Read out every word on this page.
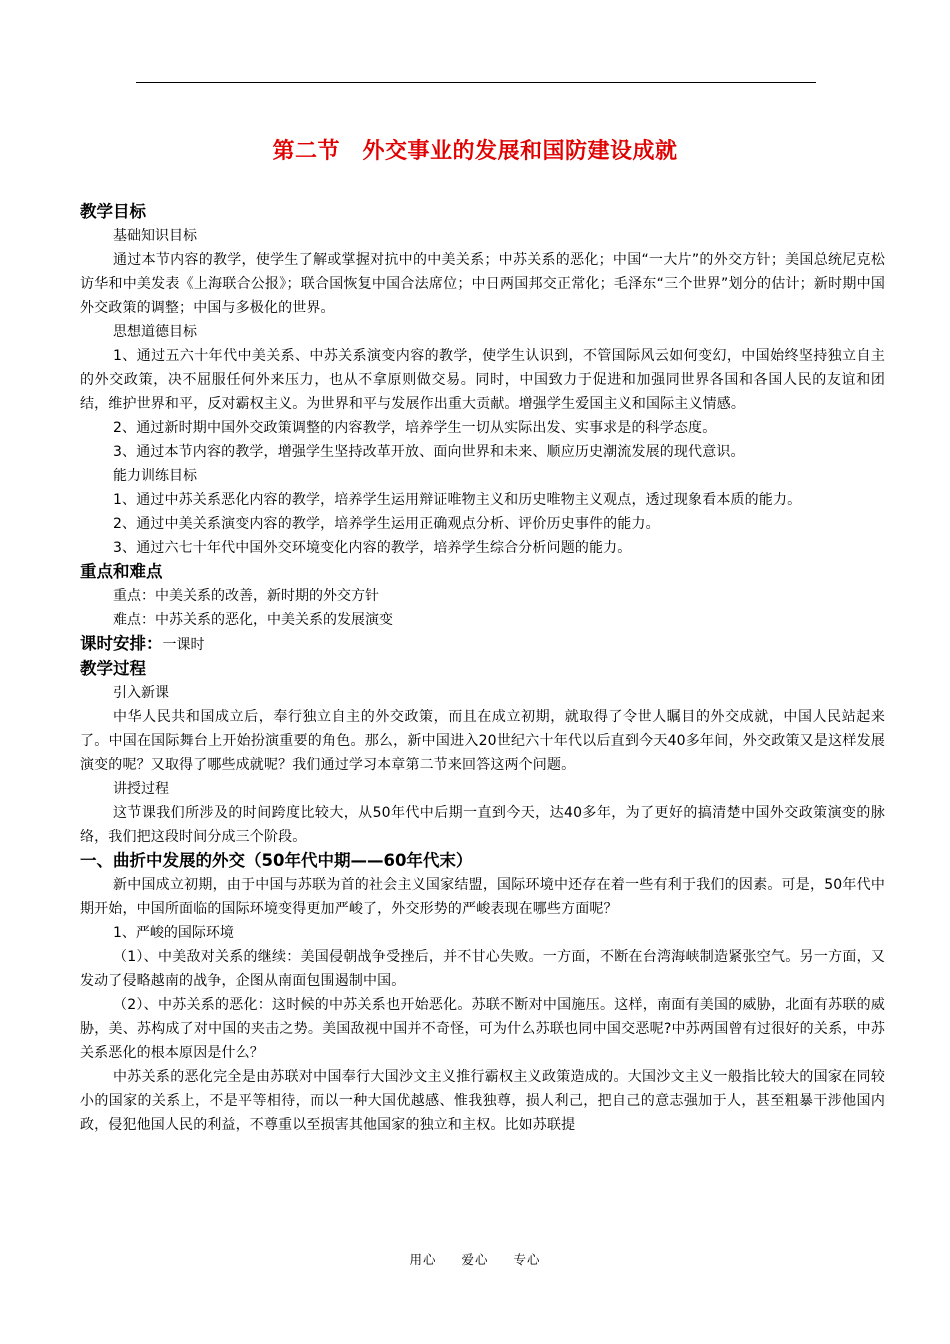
第二节　外交事业的发展和国防建设成就
教学目标
基础知识目标
通过本节内容的教学，使学生了解或掌握对抗中的中美关系；中苏关系的恶化；中国“一大片”的外交方针；美国总统尼克松访华和中美发表《上海联合公报》；联合国恢复中国合法席位；中日两国邦交正常化；毛泽东“三个世界”划分的估计；新时期中国外交政策的调整；中国与多极化的世界。
思想道德目标
1、通过五六十年代中美关系、中苏关系演变内容的教学，使学生认识到，不管国际风云如何变幻，中国始终坚持独立自主的外交政策，决不屈服任何外来压力，也从不拿原则做交易。同时，中国致力于促进和加强同世界各国和各国人民的友谊和团结，维护世界和平，反对霸权主义。为世界和平与发展作出重大贡献。增强学生爱国主义和国际主义情感。
2、通过新时期中国外交政策调整的内容教学，培养学生一切从实际出发、实事求是的科学态度。
3、通过本节内容的教学，增强学生坚持改革开放、面向世界和未来、顺应历史潮流发展的现代意识。
能力训练目标
1、通过中苏关系恶化内容的教学，培养学生运用辩证唯物主义和历史唯物主义观点，透过现象看本质的能力。
2、通过中美关系演变内容的教学，培养学生运用正确观点分析、评价历史事件的能力。
3、通过六七十年代中国外交环境变化内容的教学，培养学生综合分析问题的能力。
重点和难点
重点：中美关系的改善，新时期的外交方针
难点：中苏关系的恶化，中美关系的发展演变
课时安排：一课时
教学过程
引入新课
中华人民共和国成立后，奉行独立自主的外交政策，而且在成立初期，就取得了令世人瞩目的外交成就，中国人民站起来了。中国在国际舞台上开始扮演重要的角色。那么，新中国进入20世纪六十年代以后直到今天40多年间，外交政策又是这样发展演变的呢？又取得了哪些成就呢？我们通过学习本章第二节来回答这两个问题。
讲授过程
这节课我们所涉及的时间跨度比较大，从50年代中后期一直到今天，达40多年，为了更好的搞清楚中国外交政策演变的脉络，我们把这段时间分成三个阶段。
一、曲折中发展的外交（50年代中期——60年代末）
新中国成立初期，由于中国与苏联为首的社会主义国家结盟，国际环境中还存在着一些有利于我们的因素。可是，50年代中期开始，中国所面临的国际环境变得更加严峻了，外交形势的严峻表现在哪些方面呢？
1、严峻的国际环境
（1）、中美敌对关系的继续：美国侵朝战争受挫后，并不甘心失败。一方面，不断在台湾海峡制造紧张空气。另一方面，又发动了侵略越南的战争，企图从南面包围遏制中国。
（2）、中苏关系的恶化：这时候的中苏关系也开始恶化。苏联不断对中国施压。这样，南面有美国的威胁，北面有苏联的威胁，美、苏构成了对中国的夹击之势。美国敌视中国并不奇怪，可为什么苏联也同中国交恶呢?中苏两国曾有过很好的关系，中苏关系恶化的根本原因是什么？
中苏关系的恶化完全是由苏联对中国奉行大国沙文主义推行霸权主义政策造成的。大国沙文主义一般指比较大的国家在同较小的国家的关系上，不是平等相待，而以一种大国优越感、惟我独尊，损人利己，把自己的意志强加于人，甚至粗暴干涉他国内政，侵犯他国人民的利益，不尊重以至损害其他国家的独立和主权。比如苏联提
用心 爱心 专心
